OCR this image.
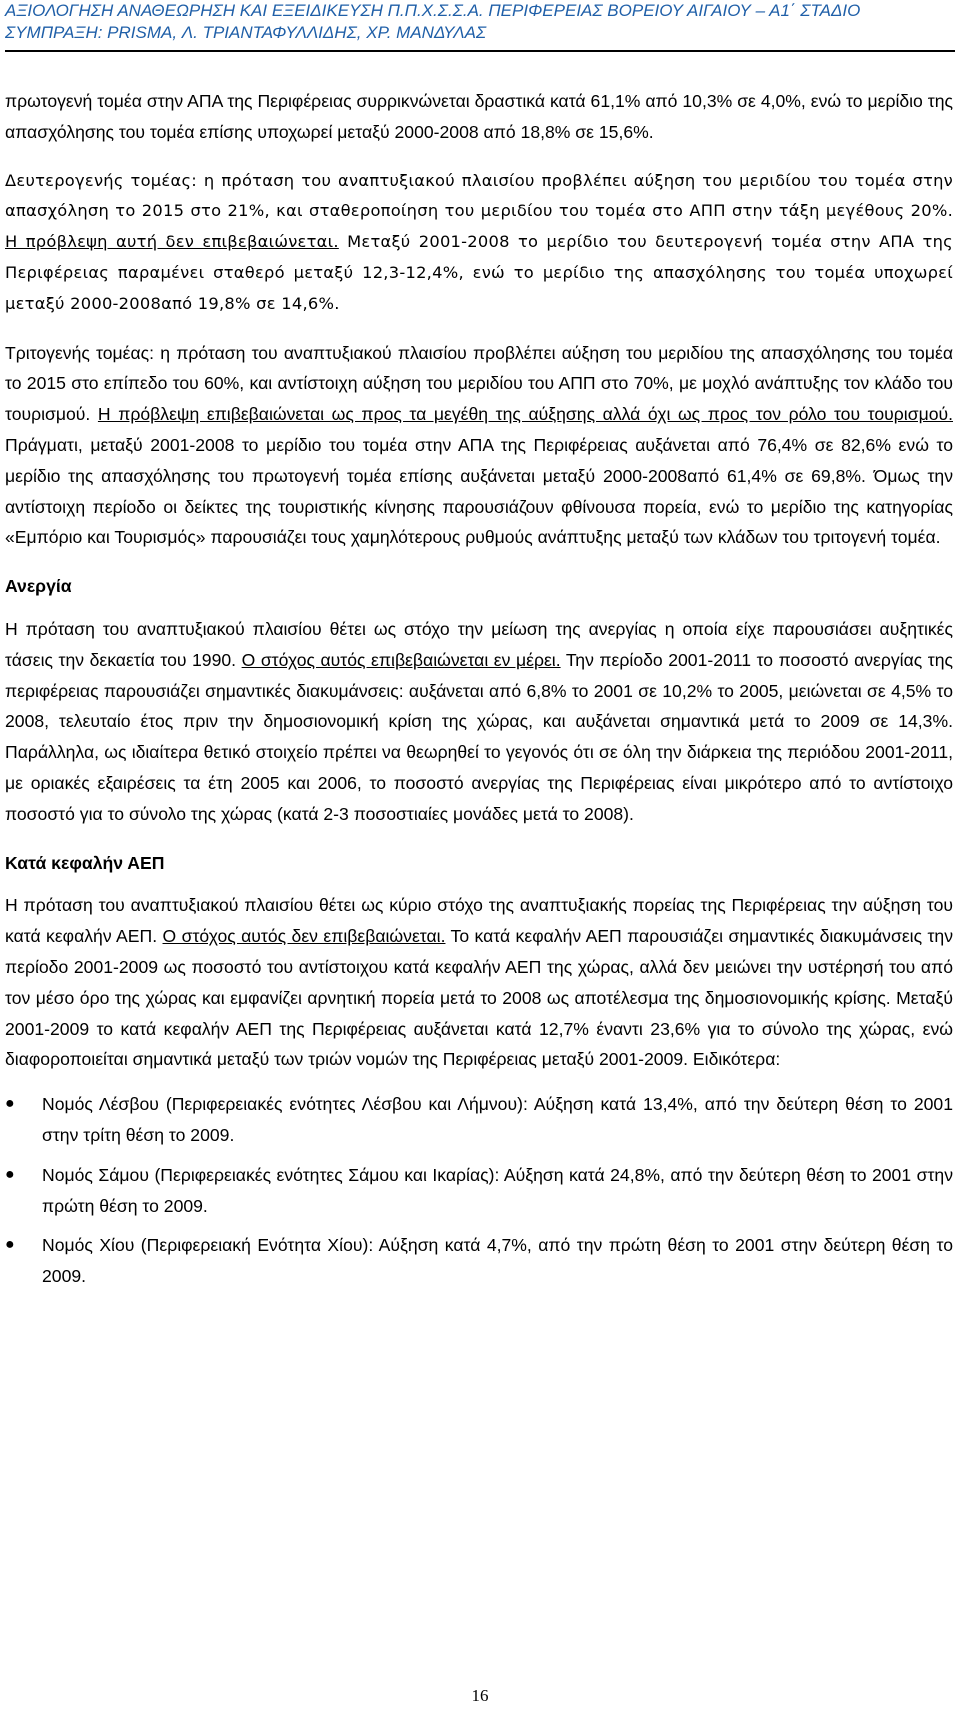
ΑΞΙΟΛΟΓΗΣΗ ΑΝΑΘΕΩΡΗΣΗ ΚΑΙ ΕΞΕΙΔΙΚΕΥΣΗ Π.Π.Χ.Σ.Σ.Α. ΠΕΡΙΦΕΡΕΙΑΣ ΒΟΡΕΙΟΥ ΑΙΓΑΙΟΥ – Α1΄ ΣΤΑΔΙΟ
ΣΥΜΠΡΑΞΗ: PRISMA, Λ. ΤΡΙΑΝΤΑΦΥΛΛΙΔΗΣ, ΧΡ. ΜΑΝΔΥΛΑΣ

πρωτογενή τομέα στην ΑΠΑ της Περιφέρειας συρρικνώνεται δραστικά κατά 61,1% από 10,3% σε 4,0%, ενώ το μερίδιο της απασχόλησης του τομέα επίσης υποχωρεί μεταξύ 2000-2008 από 18,8% σε 15,6%.

Δευτερογενής τομέας: η πρόταση του αναπτυξιακού πλαισίου προβλέπει αύξηση του μεριδίου του τομέα στην απασχόληση το 2015 στο 21%, και σταθεροποίηση του μεριδίου του τομέα στο ΑΠΠ στην τάξη μεγέθους 20%. Η πρόβλεψη αυτή δεν επιβεβαιώνεται. Μεταξύ 2001-2008 το μερίδιο του δευτερογενή τομέα στην ΑΠΑ της Περιφέρειας παραμένει σταθερό μεταξύ 12,3-12,4%, ενώ το μερίδιο της απασχόλησης του τομέα υποχωρεί μεταξύ 2000-2008από 19,8% σε 14,6%.

Τριτογενής τομέας: η πρόταση του αναπτυξιακού πλαισίου προβλέπει αύξηση του μεριδίου της απασχόλησης του τομέα το 2015 στο επίπεδο του 60%, και αντίστοιχη αύξηση του μεριδίου του ΑΠΠ στο 70%, με μοχλό ανάπτυξης τον κλάδο του τουρισμού. Η πρόβλεψη επιβεβαιώνεται ως προς τα μεγέθη της αύξησης αλλά όχι ως προς τον ρόλο του τουρισμού. Πράγματι, μεταξύ 2001-2008 το μερίδιο του τομέα στην ΑΠΑ της Περιφέρειας αυξάνεται από 76,4% σε 82,6% ενώ το μερίδιο της απασχόλησης του πρωτογενή τομέα επίσης αυξάνεται μεταξύ 2000-2008από 61,4% σε 69,8%. Όμως την αντίστοιχη περίοδο οι δείκτες της τουριστικής κίνησης παρουσιάζουν φθίνουσα πορεία, ενώ το μερίδιο της κατηγορίας «Εμπόριο και Τουρισμός» παρουσιάζει τους χαμηλότερους ρυθμούς ανάπτυξης μεταξύ των κλάδων του τριτογενή τομέα.

Ανεργία

Η πρόταση του αναπτυξιακού πλαισίου θέτει ως στόχο την μείωση της ανεργίας η οποία είχε παρουσιάσει αυξητικές τάσεις την δεκαετία του 1990. Ο στόχος αυτός επιβεβαιώνεται εν μέρει. Την περίοδο 2001-2011 το ποσοστό ανεργίας της περιφέρειας παρουσιάζει σημαντικές διακυμάνσεις: αυξάνεται από 6,8% το 2001 σε 10,2% το 2005, μειώνεται σε 4,5% το 2008, τελευταίο έτος πριν την δημοσιονομική κρίση της χώρας, και αυξάνεται σημαντικά μετά το 2009 σε 14,3%. Παράλληλα, ως ιδιαίτερα θετικό στοιχείο πρέπει να θεωρηθεί το γεγονός ότι σε όλη την διάρκεια της περιόδου 2001-2011, με οριακές εξαιρέσεις τα έτη 2005 και 2006, το ποσοστό ανεργίας της Περιφέρειας είναι μικρότερο από το αντίστοιχο ποσοστό για το σύνολο της χώρας (κατά 2-3 ποσοστιαίες μονάδες μετά το 2008).

Κατά κεφαλήν ΑΕΠ

Η πρόταση του αναπτυξιακού πλαισίου θέτει ως κύριο στόχο της αναπτυξιακής πορείας της Περιφέρειας την αύξηση του κατά κεφαλήν ΑΕΠ. Ο στόχος αυτός δεν επιβεβαιώνεται. Το κατά κεφαλήν ΑΕΠ παρουσιάζει σημαντικές διακυμάνσεις την περίοδο 2001-2009 ως ποσοστό του αντίστοιχου κατά κεφαλήν ΑΕΠ της χώρας, αλλά δεν μειώνει την υστέρησή του από τον μέσο όρο της χώρας και εμφανίζει αρνητική πορεία μετά το 2008 ως αποτέλεσμα της δημοσιονομικής κρίσης. Μεταξύ 2001-2009 το κατά κεφαλήν ΑΕΠ της Περιφέρειας αυξάνεται κατά 12,7% έναντι 23,6% για το σύνολο της χώρας, ενώ διαφοροποιείται σημαντικά μεταξύ των τριών νομών της Περιφέρειας μεταξύ 2001-2009. Ειδικότερα:

● Νομός Λέσβου (Περιφερειακές ενότητες Λέσβου και Λήμνου): Αύξηση κατά 13,4%, από την δεύτερη θέση το 2001 στην τρίτη θέση το 2009.
● Νομός Σάμου (Περιφερειακές ενότητες Σάμου και Ικαρίας): Αύξηση κατά 24,8%, από την δεύτερη θέση το 2001 στην πρώτη θέση το 2009.
● Νομός Χίου (Περιφερειακή Ενότητα Χίου): Αύξηση κατά 4,7%, από την πρώτη θέση το 2001 στην δεύτερη θέση το 2009.
16
